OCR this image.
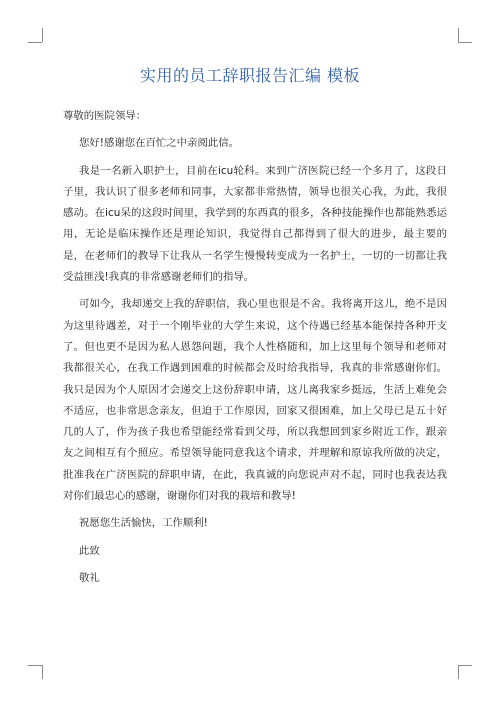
实用的员工辞职报告汇编 模板

尊敬的医院领导：

您好!感谢您在百忙之中亲阅此信。

我是一名新入职护士，目前在icu轮科。来到广济医院已经一个多月了，这段日子里，我认识了很多老师和同事，大家都非常热情，领导也很关心我，为此，我很感动。在icu呆的这段时间里，我学到的东西真的很多，各种技能操作也都能熟悉运用，无论是临床操作还是理论知识，我觉得自己都得到了很大的进步，最主要的是，在老师们的教导下让我从一名学生慢慢转变成为一名护士，一切的一切都让我受益匪浅!我真的非常感谢老师们的指导。

可如今，我却递交上我的辞职信，我心里也很是不舍。我将离开这儿，绝不是因为这里待遇差，对于一个刚毕业的大学生来说，这个待遇已经基本能保持各种开支了。但也更不是因为私人恩怨问题，我个人性格随和，加上这里每个领导和老师对我都很关心，在我工作遇到困难的时候都会及时给我指导，我真的非常感谢你们。我只是因为个人原因才会递交上这份辞职申请，这儿离我家乡挺远，生活上难免会不适应，也非常思念亲友，但迫于工作原因，回家又很困难，加上父母已是五十好几的人了，作为孩子我也希望能经常看到父母，所以我想回到家乡附近工作，跟亲友之间相互有个照应。希望领导能同意我这个请求，并理解和原谅我所做的决定，批准我在广济医院的辞职申请，在此，我真诚的向您说声对不起，同时也我表达我对你们最忠心的感谢，谢谢你们对我的栽培和教导!

祝愿您生活愉快，工作顺利!

此致

敬礼
